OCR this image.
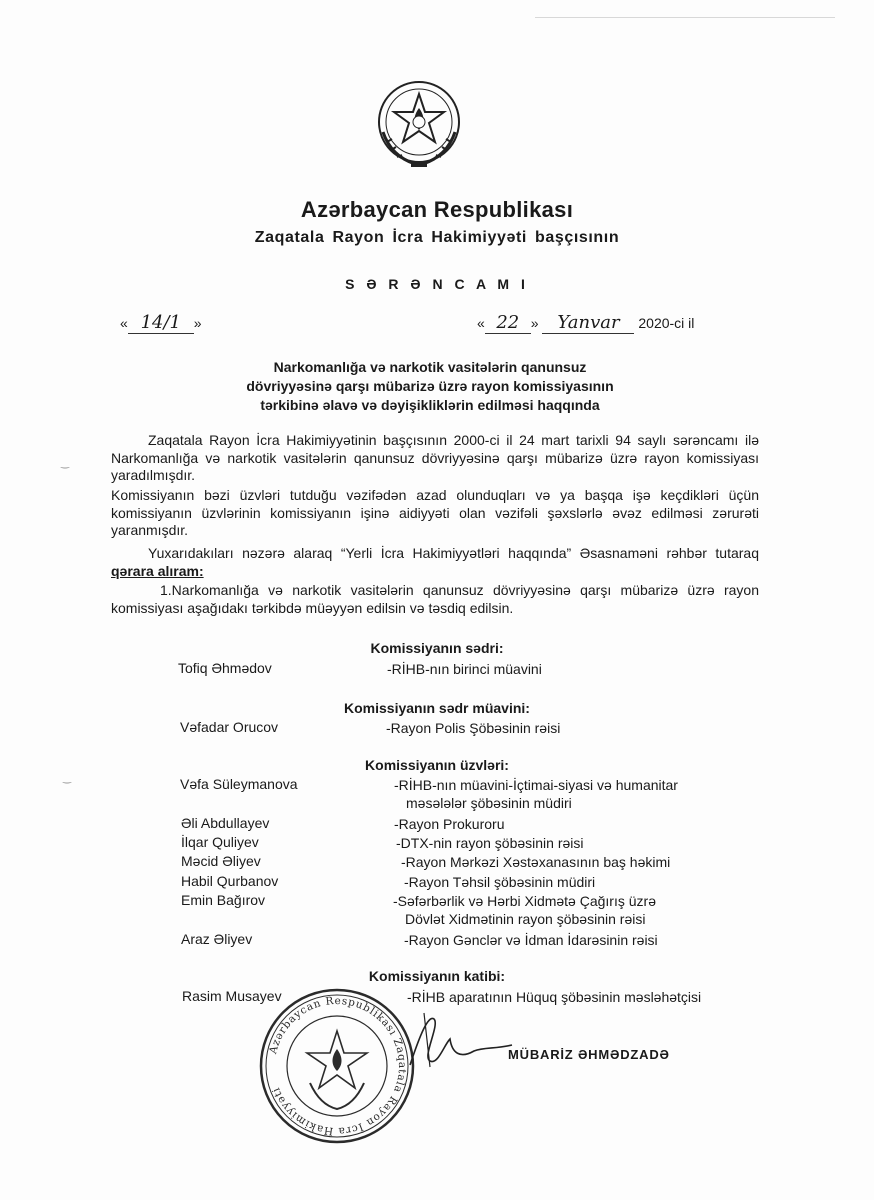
Azərbaycan Respublikası
Zaqatala Rayon İcra Hakimiyyəti başçısının
S Ə R Ə N C A M I
« 14/1 »	« 22 » Yanvar 2020-ci il
Narkomanlığa və narkotik vasitələrin qanunsuz
dövriyyəsinə qarşı mübarizə üzrə rayon komissiyasının
tərkibinə əlavə və dəyişikliklərin edilməsi haqqında
Zaqatala Rayon İcra Hakimiyyətinin başçısının 2000-ci il 24 mart tarixli 94 saylı sərəncamı ilə Narkomanlığa və narkotik vasitələrin qanunsuz dövriyyəsinə qarşı mübarizə üzrə rayon komissiyası yaradılmışdır.
Komissiyanın bəzi üzvləri tutduğu vəzifədən azad olunduqları və ya başqa işə keçdikləri üçün komissiyanın üzvlərinin komissiyanın işinə aidiyyəti olan vəzifəli şəxslərlə əvəz edilməsi zərurəti yaranmışdır.
Yuxarıdakıları nəzərə alaraq “Yerli İcra Hakimiyyətləri haqqında” Əsasnaməni rəhbər tutaraq qərara alıram:
1.Narkomanlığa və narkotik vasitələrin qanunsuz dövriyyəsinə qarşı mübarizə üzrə rayon komissiyası aşağıdakı tərkibdə müəyyən edilsin və təsdiq edilsin.
Komissiyanın sədri:
Tofiq Əhmədov	-RİHB-nın birinci müavini
Komissiyanın sədr müavini:
Vəfadar Orucov	-Rayon Polis Şöbəsinin rəisi
Komissiyanın üzvləri:
Vəfa Süleymanova	-RİHB-nın müavini-İçtimai-siyasi və humanitar
məsələlər şöbəsinin müdiri
Əli Abdullayev	-Rayon Prokuroru
İlqar Quliyev	-DTX-nin rayon şöbəsinin rəisi
Məcid Əliyev	-Rayon Mərkəzi Xəstəxanasının baş həkimi
Habil Qurbanov	-Rayon Təhsil şöbəsinin müdiri
Emin Bağırov	-Səfərbərlik və Hərbi Xidmətə Çağırış üzrə
Dövlət Xidmətinin rayon şöbəsinin rəisi
Araz Əliyev	-Rayon Gənclər və İdman İdarəsinin rəisi
Komissiyanın katibi:
Rasim Musayev	-RİHB aparatının Hüquq şöbəsinin məsləhətçisi
Azərbaycan Respublikası Zaqatala Rayon İcra Hakimiyyəti
MÜBARİZ ƏHMƏDZADƏ
‿
‿
